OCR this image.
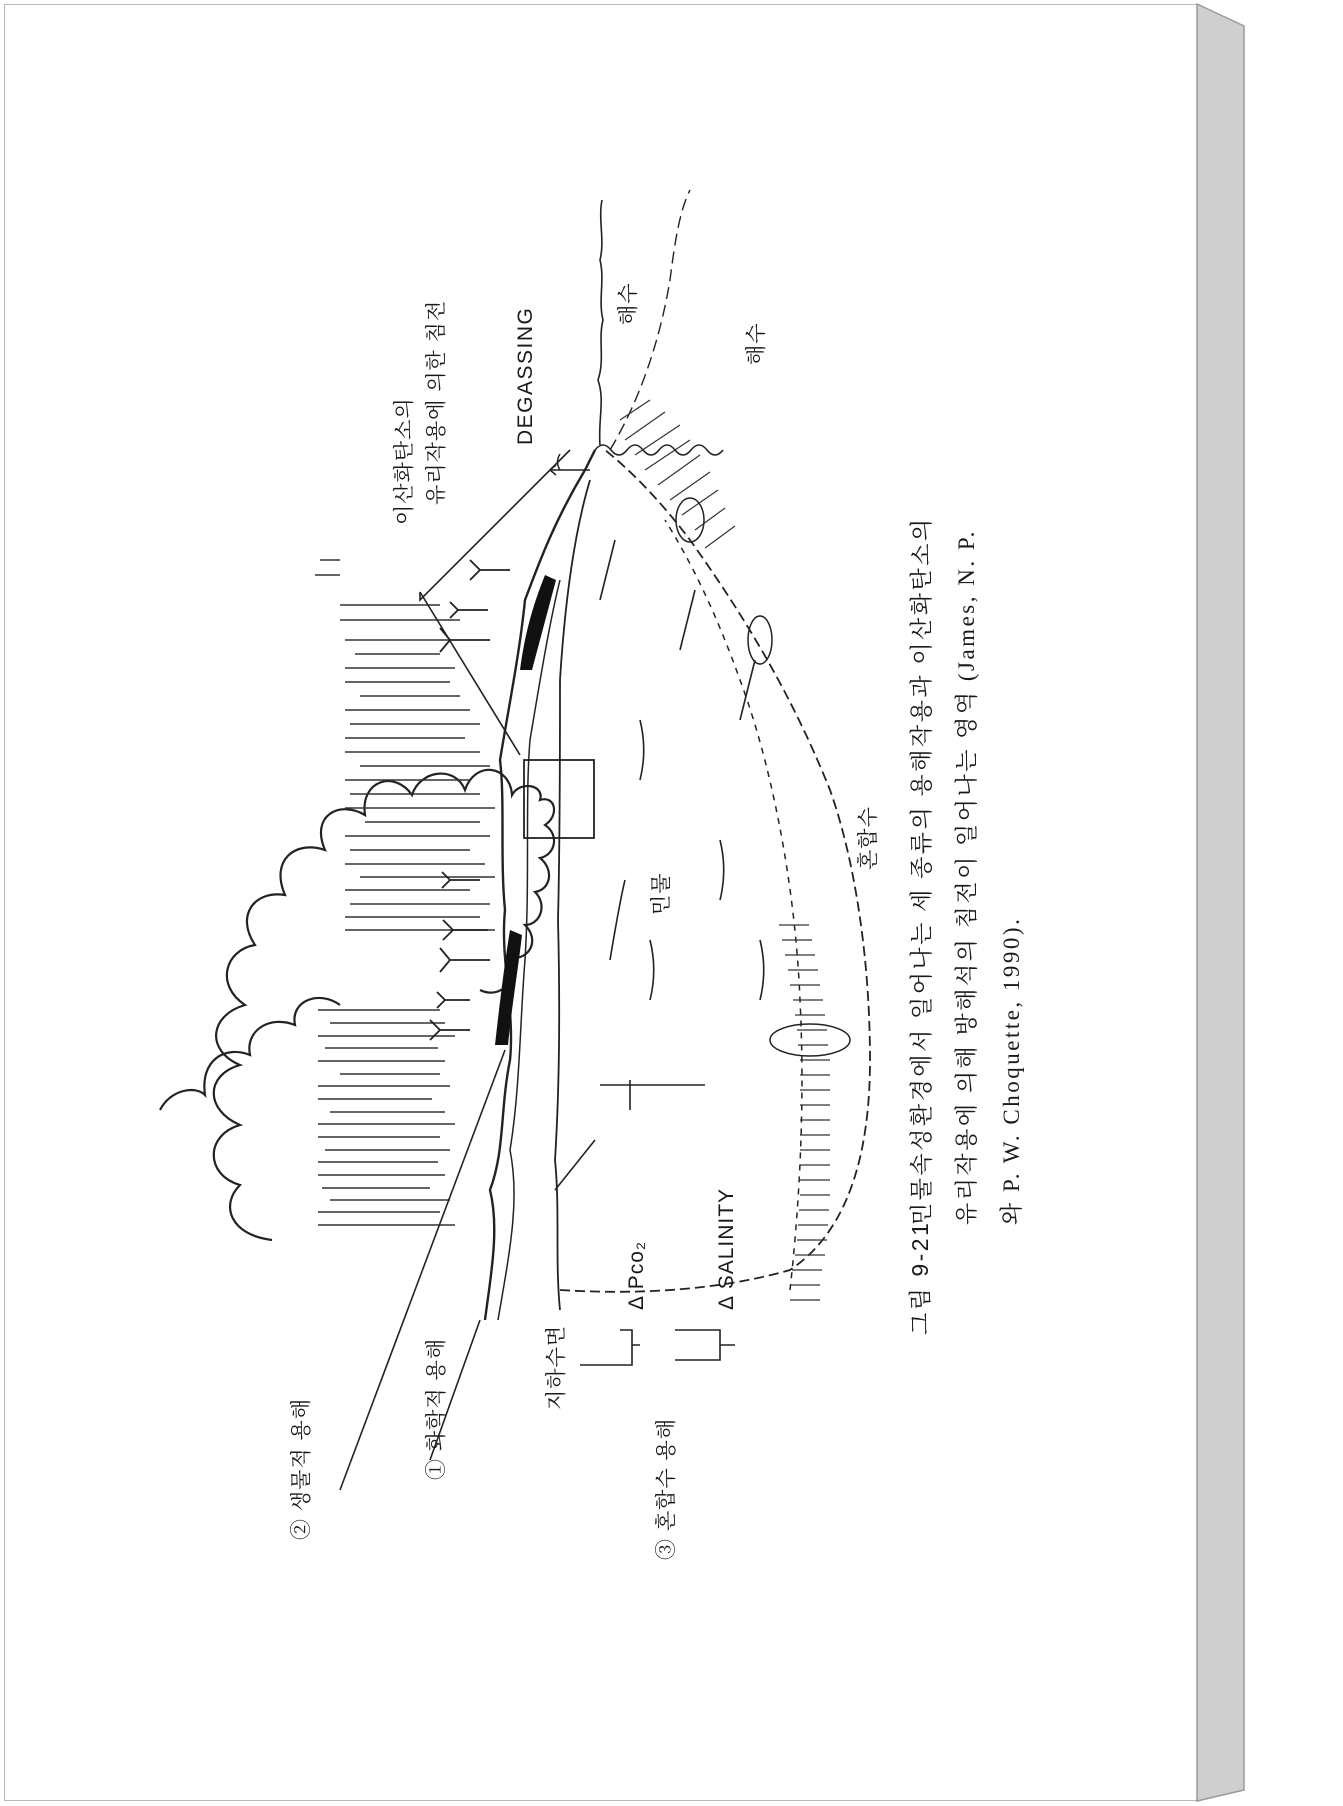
② 생물적 용해	① 화학적 용해	지하수면
③ 혼합수 용해
Δ Pco₂	Δ SALINITY
이산화탄소의 유리작용에 의한 침전	DEGASSING
해수
해수
민물
혼합수
그림 9-21
민물속성환경에서 일어나는 세 종류의 용해작용과 이산화탄소의 유리작용에 의해 방해석의 침전이 일어나는 영역 (James, N. P. 와 P. W. Choquette, 1990).
